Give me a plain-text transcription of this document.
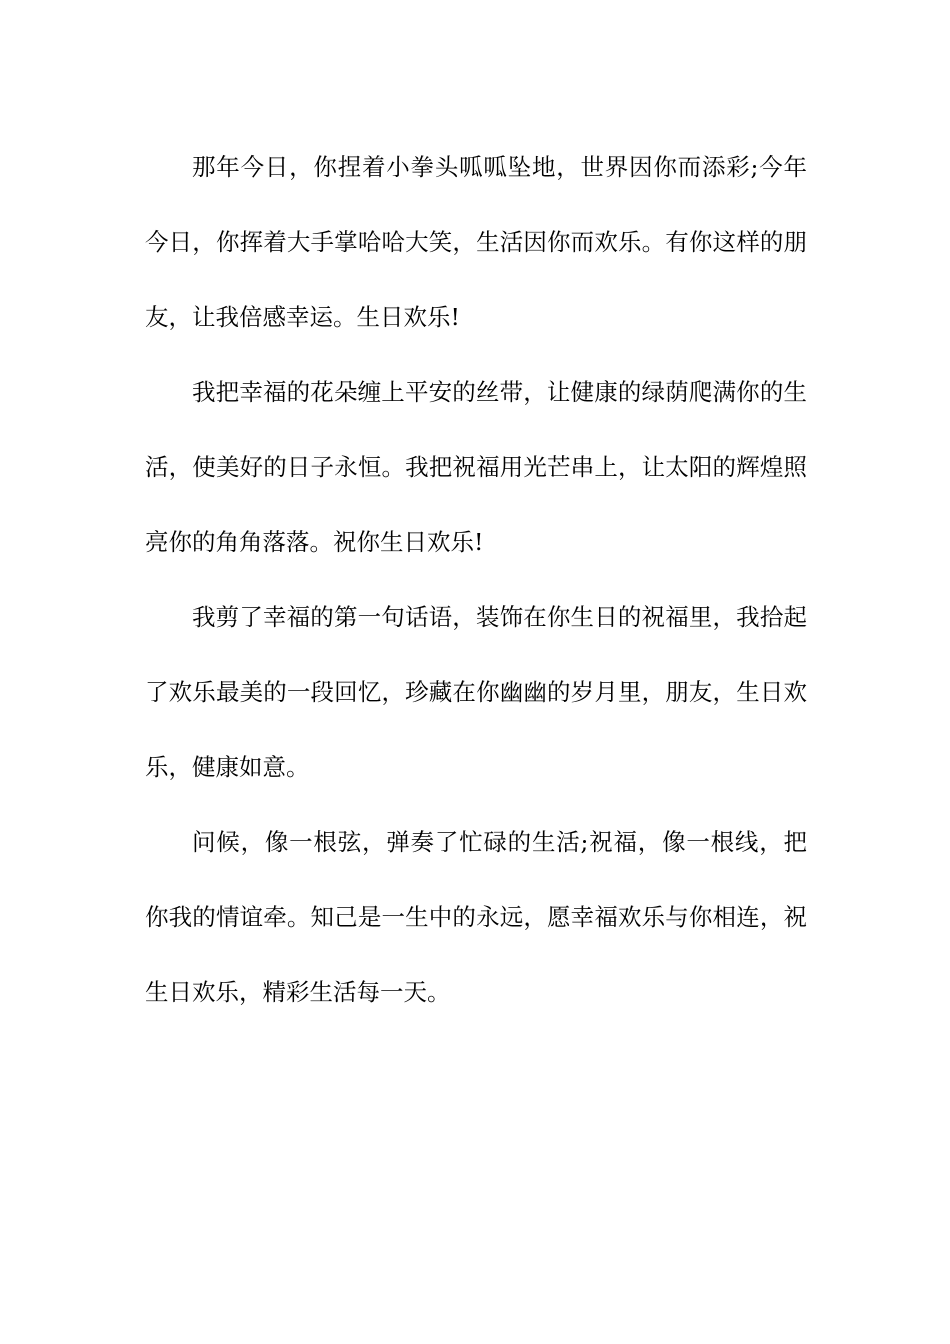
那年今日，你捏着小拳头呱呱坠地，世界因你而添彩;今年今日，你挥着大手掌哈哈大笑，生活因你而欢乐。有你这样的朋友，让我倍感幸运。生日欢乐!

我把幸福的花朵缠上平安的丝带，让健康的绿荫爬满你的生活，使美好的日子永恒。我把祝福用光芒串上，让太阳的辉煌照亮你的角角落落。祝你生日欢乐!

我剪了幸福的第一句话语，装饰在你生日的祝福里，我拾起了欢乐最美的一段回忆，珍藏在你幽幽的岁月里，朋友，生日欢乐，健康如意。

问候，像一根弦，弹奏了忙碌的生活;祝福，像一根线，把你我的情谊牵。知己是一生中的永远，愿幸福欢乐与你相连，祝生日欢乐，精彩生活每一天。
